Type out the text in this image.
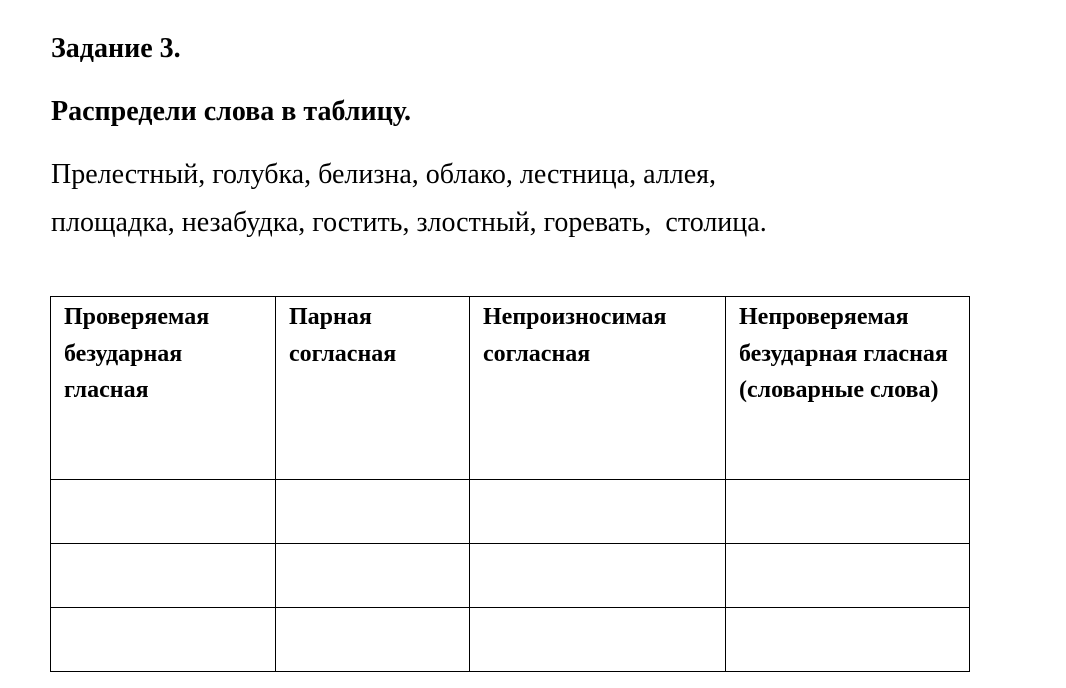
Задание 3.
Распредели слова в таблицу.
Прелестный, голубка, белизна, облако, лестница, аллея,
площадка, незабудка, гостить, злостный, горевать,  столица.
Проверяемая безударная гласная	Парная согласная	Непроизносимая согласная	Непроверяемая безударная гласная (словарные слова)
